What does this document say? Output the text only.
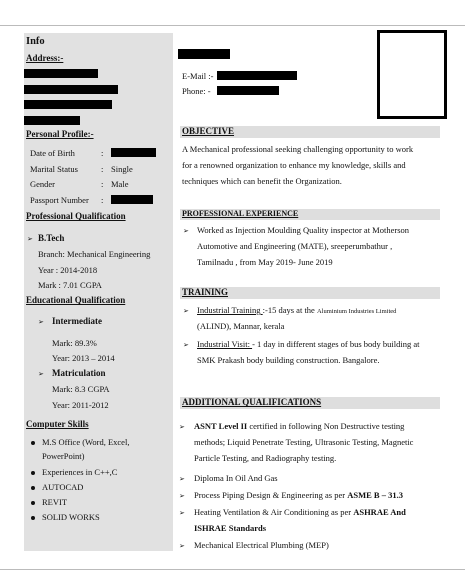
Info
Address:-
Personal Profile:-
Date of Birth	:
Marital Status	: Single
Gender	: Male
Passport Number :
Professional Qualification
➢ B.Tech
Branch: Mechanical Engineering
Year : 2014-2018
Mark : 7.01 CGPA
Educational Qualification
➢ Intermediate
Mark: 89.3%
Year: 2013 – 2014
➢ Matriculation
Mark: 8.3 CGPA
Year: 2011-2012
Computer Skills
M.S Office (Word, Excel,
PowerPoint)
Experiences in C++,C
AUTOCAD
REVIT
SOLID WORKS
E-Mail :-
Phone: -
OBJECTIVE
A Mechanical professional seeking challenging opportunity to work
for a renowned organization to enhance my knowledge, skills and
techniques which can benefit the Organization.
PROFESSIONAL EXPERIENCE
➢ Worked as Injection Moulding Quality inspector at Motherson
Automotive and Engineering (MATE), sreeperumbathur ,
Tamilnadu , from May 2019- June 2019
TRAINING
➢ Industrial Training :-15 days at the Aluminium Industries Limited
(ALIND), Mannar, kerala
➢ Industrial Visit: - 1 day in different stages of bus body building at
SMK Prakash body building construction. Bangalore.
ADDITIONAL QUALIFICATIONS
➢ ASNT Level II certified in following Non Destructive testing
methods; Liquid Penetrate Testing, Ultrasonic Testing, Magnetic
Particle Testing, and Radiography testing.
➢ Diploma In Oil And Gas
➢ Process Piping Design & Engineering as per ASME B – 31.3
➢ Heating Ventilation & Air Conditioning as per ASHRAE And
ISHRAE Standards
➢ Mechanical Electrical Plumbing (MEP)
